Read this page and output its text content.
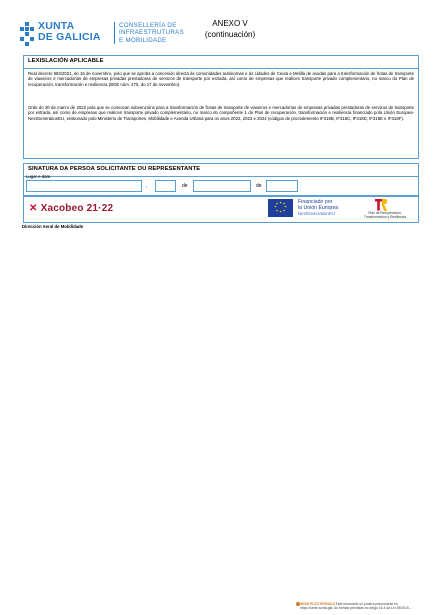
XUNTA
DE GALICIA
CONSELLERÍA DE
INFRAESTRUTURAS
E MOBILIDADE
ANEXO V
(continuación)
LEXISLACIÓN APLICABLE
Real decreto 983/2021, do 16 de novembro, polo que se aproba a concesión directa ás comunidades autónomas e ás cidades de Ceuta e Melilla de axudas para a transformación de frotas de transporte de viaxeiros e mercadorías de empresas privadas prestadoras de servizos de transporte por estrada, así como de empresas que realicen transporte privado complementario, no marco do Plan de recuperación, transformación e resiliencia (BOE núm. 275, do 17 de novembro).
Orde do 30 de marzo de 2022 pola que se convocan subvencións para a transformación de frotas de transporte de viaxeiros e mercadorías de empresas privadas prestadoras de servizos de transporte por estrada, así como de empresas que realicen transporte privado complementario, no marco do compoñente 1 do Plan de recuperación, transformación e resiliencia financiado pola Unión Europea-NextGenerationEU, xestionado polo Ministerio de Transportes, Mobilidade e Axenda Urbana para os anos 2022, 2023 e 2024 (códigos de procedemento IF318B, IF318C, IF318D, IF318E e IF318F).
SINATURA DA PERSOA SOLICITANTE OU REPRESENTANTE
Lugar e data
,	de	de
✕ Xacobeo 21·22
Financiado por
la Unión Europea
NextGenerationEU	Plan de Recuperación,
Transformación y Resiliencia
Dirección Xeral de Mobilidade
SEDE ELECTRÓNICA Este formulario só poderá presentarse en https://sede.xunta.gal. As formas previstas no artigo 16.4 da Lei 39/2015...
